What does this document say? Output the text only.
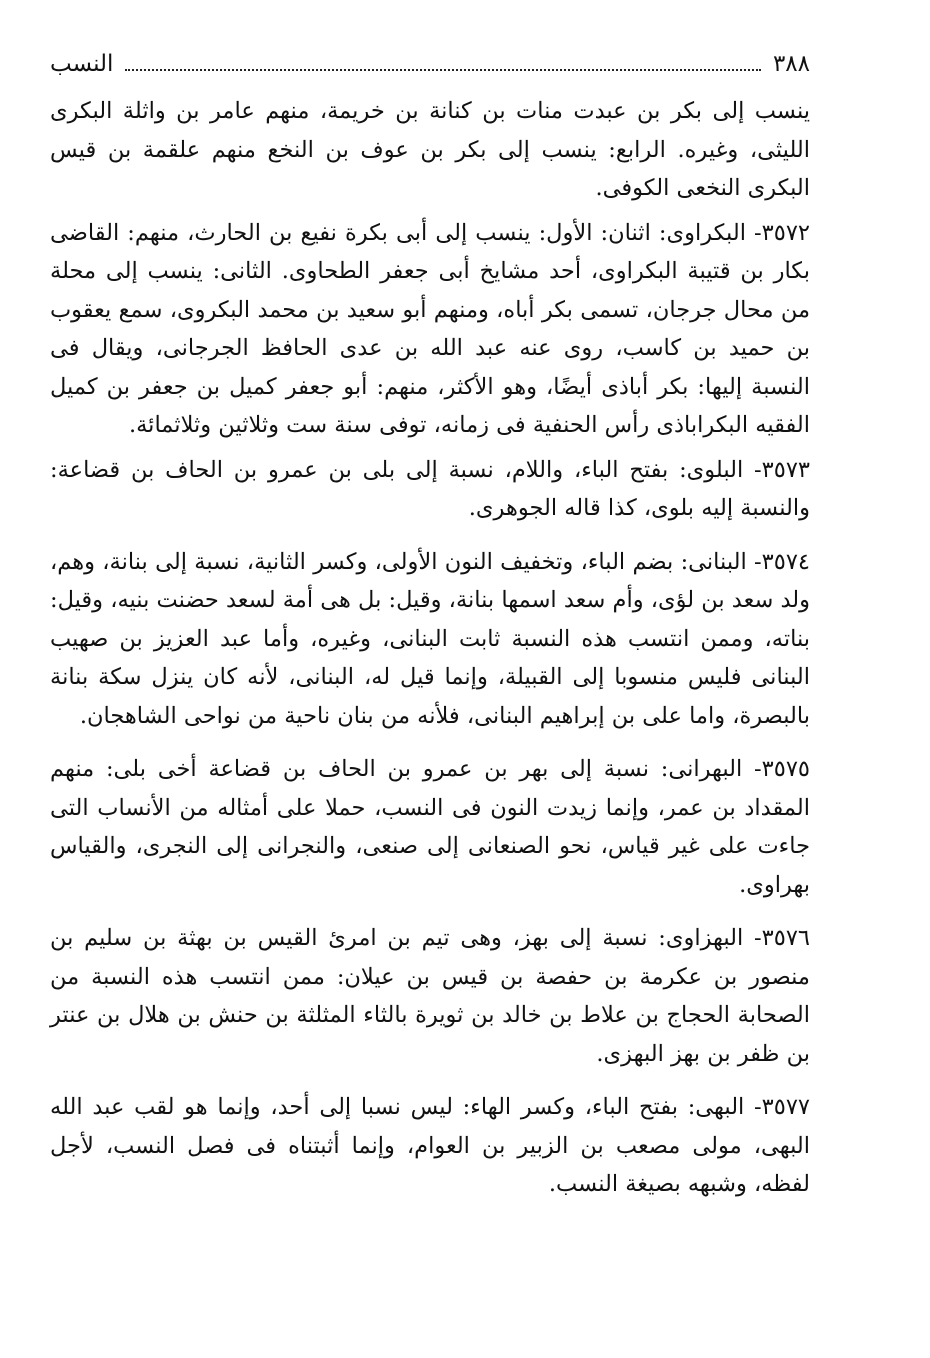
٣٨٨
النسب

ينسب إلى بكر بن عبدت منات بن كنانة بن خريمة، منهم عامر بن واثلة البكرى الليثى، وغيره. الرابع: ينسب إلى بكر بن عوف بن النخع منهم علقمة بن قيس البكرى النخعى الكوفى.

٣٥٧٢- البكراوى: اثنان: الأول: ينسب إلى أبى بكرة نفيع بن الحارث، منهم: القاضى بكار بن قتيبة البكراوى، أحد مشايخ أبى جعفر الطحاوى. الثانى: ينسب إلى محلة من محال جرجان، تسمى بكر أباه، ومنهم أبو سعيد بن محمد البكروى، سمع يعقوب بن حميد بن كاسب، روى عنه عبد الله بن عدى الحافظ الجرجانى، ويقال فى النسبة إليها: بكر أباذى أيضًا، وهو الأكثر، منهم: أبو جعفر كميل بن جعفر بن كميل الفقيه البكراباذى رأس الحنفية فى زمانه، توفى سنة ست وثلاثين وثلاثمائة.

٣٥٧٣- البلوى: بفتح الباء، واللام، نسبة إلى بلى بن عمرو بن الحاف بن قضاعة: والنسبة إليه بلوى، كذا قاله الجوهرى.

٣٥٧٤- البنانى: بضم الباء، وتخفيف النون الأولى، وكسر الثانية، نسبة إلى بنانة، وهم، ولد سعد بن لؤى، وأم سعد اسمها بنانة، وقيل: بل هى أمة لسعد حضنت بنيه، وقيل: بناته، وممن انتسب هذه النسبة ثابت البنانى، وغيره، وأما عبد العزيز بن صهيب البنانى فليس منسوبا إلى القبيلة، وإنما قيل له، البنانى، لأنه كان ينزل سكة بنانة بالبصرة، واما على بن إبراهيم البنانى، فلأنه من بنان ناحية من نواحى الشاهجان.

٣٥٧٥- البهرانى: نسبة إلى بهر بن عمرو بن الحاف بن قضاعة أخى بلى: منهم المقداد بن عمر، وإنما زيدت النون فى النسب، حملا على أمثاله من الأنساب التى جاءت على غير قياس، نحو الصنعانى إلى صنعى، والنجرانى إلى النجرى، والقياس بهراوى.

٣٥٧٦- البهزاوى: نسبة إلى بهز، وهى تيم بن امرئ القيس بن بهثة بن سليم بن منصور بن عكرمة بن حفصة بن قيس بن عيلان: ممن انتسب هذه النسبة من الصحابة الحجاج بن علاط بن خالد بن ثويرة بالثاء المثلثة بن حنش بن هلال بن عنتر بن ظفر بن بهز البهزى.

٣٥٧٧- البهى: بفتح الباء، وكسر الهاء: ليس نسبا إلى أحد، وإنما هو لقب عبد الله البهى، مولى مصعب بن الزبير بن العوام، وإنما أثبتناه فى فصل النسب، لأجل لفظه، وشبهه بصيغة النسب.
